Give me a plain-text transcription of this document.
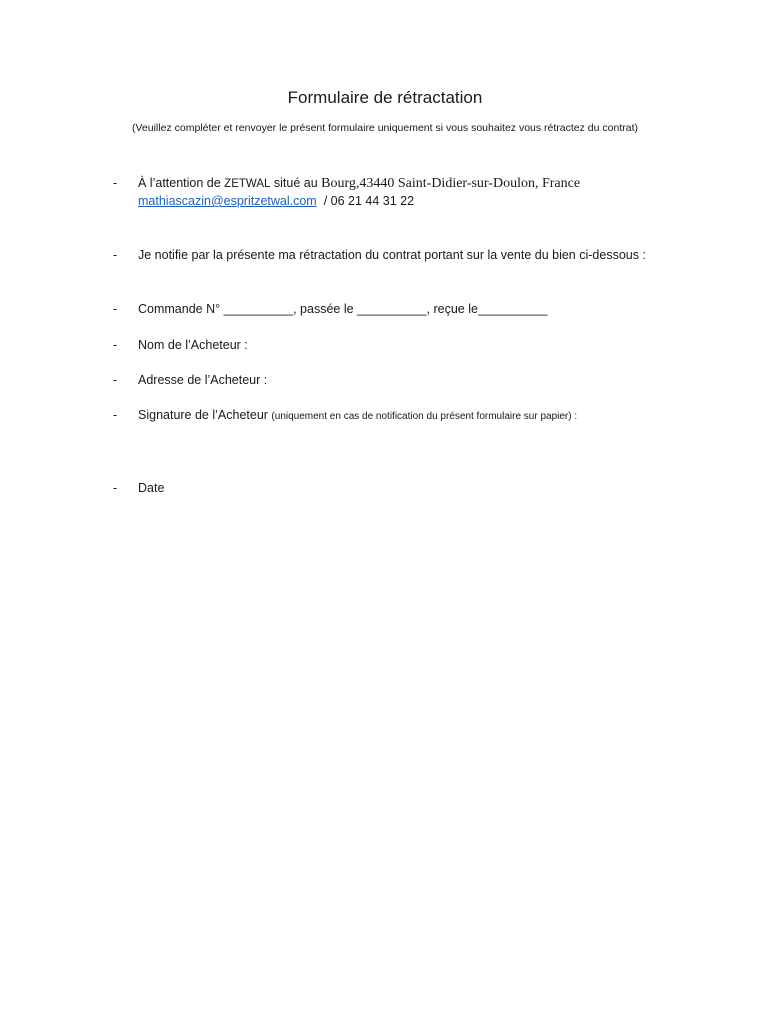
Formulaire de rétractation
(Veuillez compléter et renvoyer le présent formulaire uniquement si vous souhaitez vous rétractez du contrat)
- À l’attention de ZETWAL situé au Bourg,43440 Saint-Didier-sur-Doulon, France
mathiascazin@espritzetwal.com  / 06 21 44 31 22
- Je notifie par la présente ma rétractation du contrat portant sur la vente du bien ci-dessous :
- Commande N° __________, passée le __________, reçue le__________
- Nom de l’Acheteur :
- Adresse de l’Acheteur :
- Signature de l’Acheteur (uniquement en cas de notification du présent formulaire sur papier) :
- Date
